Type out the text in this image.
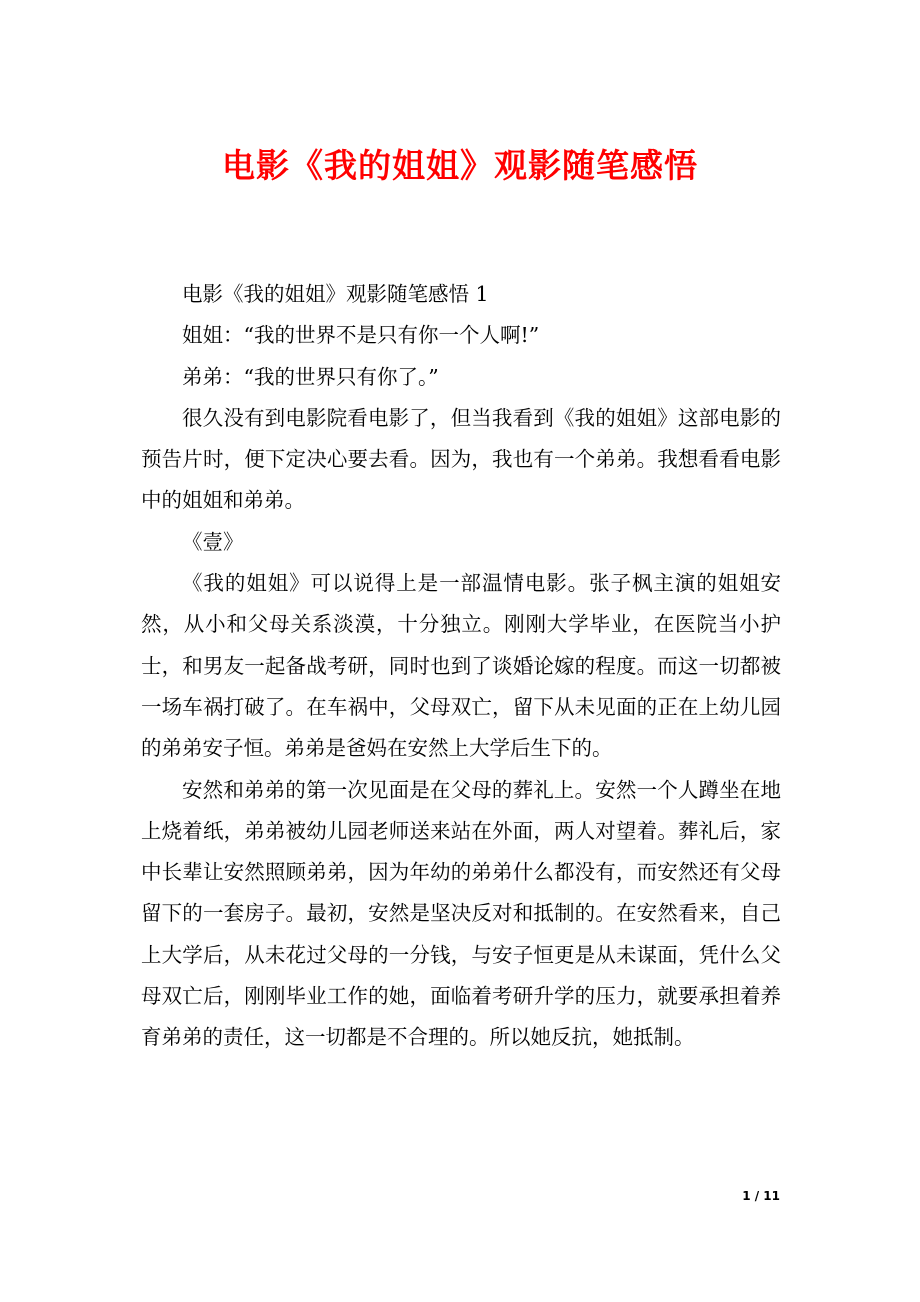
电影《我的姐姐》观影随笔感悟

电影《我的姐姐》观影随笔感悟 1

姐姐：“我的世界不是只有你一个人啊!”

弟弟：“我的世界只有你了。”

很久没有到电影院看电影了，但当我看到《我的姐姐》这部电影的预告片时，便下定决心要去看。因为，我也有一个弟弟。我想看看电影中的姐姐和弟弟。

《壹》

《我的姐姐》可以说得上是一部温情电影。张子枫主演的姐姐安然，从小和父母关系淡漠，十分独立。刚刚大学毕业，在医院当小护士，和男友一起备战考研，同时也到了谈婚论嫁的程度。而这一切都被一场车祸打破了。在车祸中，父母双亡，留下从未见面的正在上幼儿园的弟弟安子恒。弟弟是爸妈在安然上大学后生下的。

安然和弟弟的第一次见面是在父母的葬礼上。安然一个人蹲坐在地上烧着纸，弟弟被幼儿园老师送来站在外面，两人对望着。葬礼后，家中长辈让安然照顾弟弟，因为年幼的弟弟什么都没有，而安然还有父母留下的一套房子。最初，安然是坚决反对和抵制的。在安然看来，自己上大学后，从未花过父母的一分钱，与安子恒更是从未谋面，凭什么父母双亡后，刚刚毕业工作的她，面临着考研升学的压力，就要承担着养育弟弟的责任，这一切都是不合理的。所以她反抗，她抵制。

1 / 11
